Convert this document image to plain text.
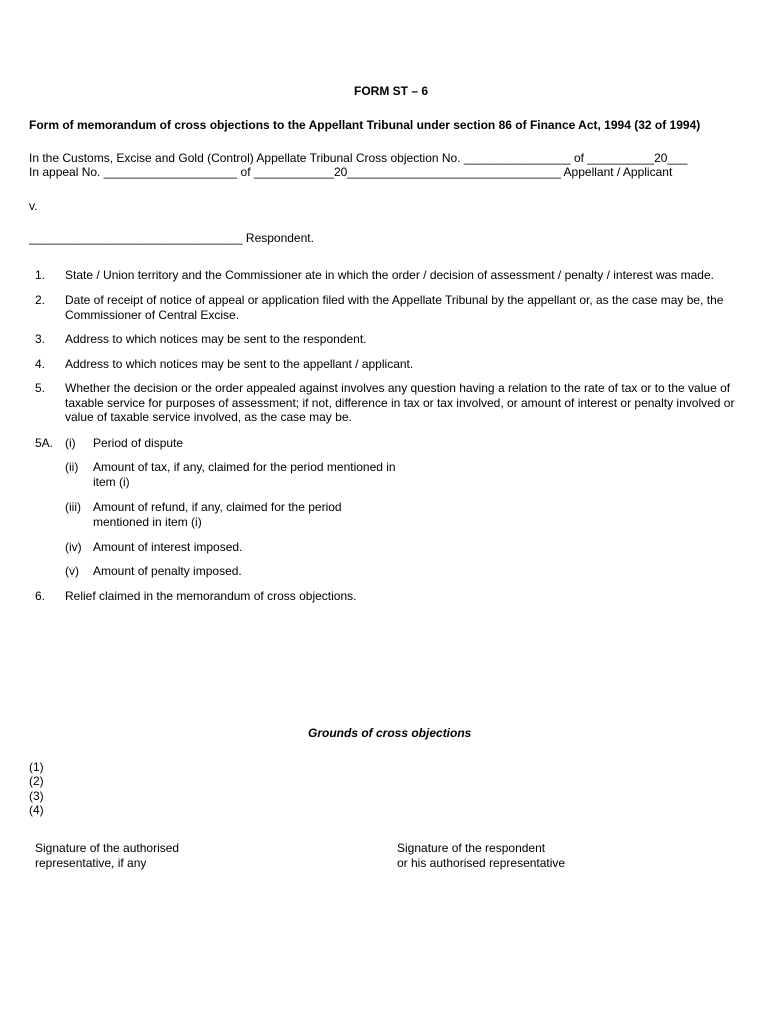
FORM ST – 6
Form of memorandum of cross objections to the Appellant Tribunal under section 86 of Finance Act, 1994 (32 of 1994)
In the Customs, Excise and Gold (Control) Appellate Tribunal Cross objection No. ________________ of __________20___
In appeal No. ____________________ of ____________20________________________________ Appellant / Applicant
v.
________________________________ Respondent.
1. State / Union territory and the Commissioner ate in which the order / decision of assessment / penalty / interest was made.
2. Date of receipt of notice of appeal or application filed with the Appellate Tribunal by the appellant or, as the case may be, the Commissioner of Central Excise.
3. Address to which notices may be sent to the respondent.
4. Address to which notices may be sent to the appellant / applicant.
5. Whether the decision or the order appealed against involves any question having a relation to the rate of tax or to the value of taxable service for purposes of assessment; if not, difference in tax or tax involved, or amount of interest or penalty involved or value of taxable service involved, as the case may be.
5A. (i) Period of dispute
(ii) Amount of tax, if any, claimed for the period mentioned in item (i)
(iii) Amount of refund, if any, claimed for the period mentioned in item (i)
(iv) Amount of interest imposed.
(v) Amount of penalty imposed.
6. Relief claimed in the memorandum of cross objections.
Grounds of cross objections
(1)
(2)
(3)
(4)
Signature of the authorised
representative, if any
Signature of the respondent
or his authorised representative
